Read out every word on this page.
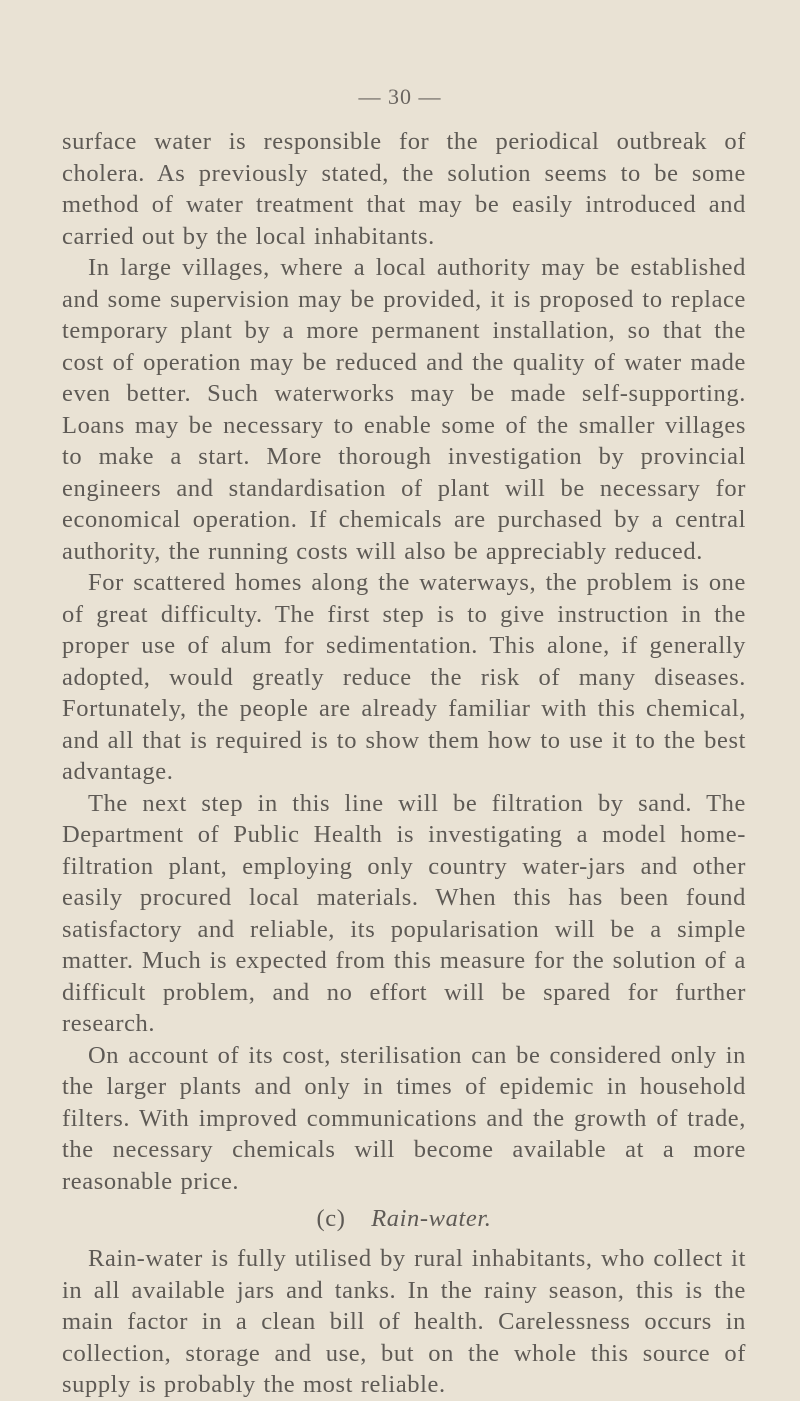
— 30 —

surface water is responsible for the periodical outbreak of cholera. As previously stated, the solution seems to be some method of water treatment that may be easily introduced and carried out by the local inhabitants.

In large villages, where a local authority may be established and some supervision may be provided, it is proposed to replace temporary plant by a more permanent installation, so that the cost of operation may be reduced and the quality of water made even better. Such waterworks may be made self-supporting. Loans may be necessary to enable some of the smaller villages to make a start. More thorough investigation by provincial engineers and standardisation of plant will be necessary for economical operation. If chemicals are purchased by a central authority, the running costs will also be appreciably reduced.

For scattered homes along the waterways, the problem is one of great difficulty. The first step is to give instruction in the proper use of alum for sedimentation. This alone, if generally adopted, would greatly reduce the risk of many diseases. Fortunately, the people are already familiar with this chemical, and all that is required is to show them how to use it to the best advantage.

The next step in this line will be filtration by sand. The Department of Public Health is investigating a model home-filtration plant, employing only country water-jars and other easily procured local materials. When this has been found satisfactory and reliable, its popularisation will be a simple matter. Much is expected from this measure for the solution of a difficult problem, and no effort will be spared for further research.

On account of its cost, sterilisation can be considered only in the larger plants and only in times of epidemic in household filters. With improved communications and the growth of trade, the necessary chemicals will become available at a more reasonable price.

(c) Rain-water.

Rain-water is fully utilised by rural inhabitants, who collect it in all available jars and tanks. In the rainy season, this is the main factor in a clean bill of health. Carelessness occurs in collection, storage and use, but on the whole this source of supply is probably the most reliable.
